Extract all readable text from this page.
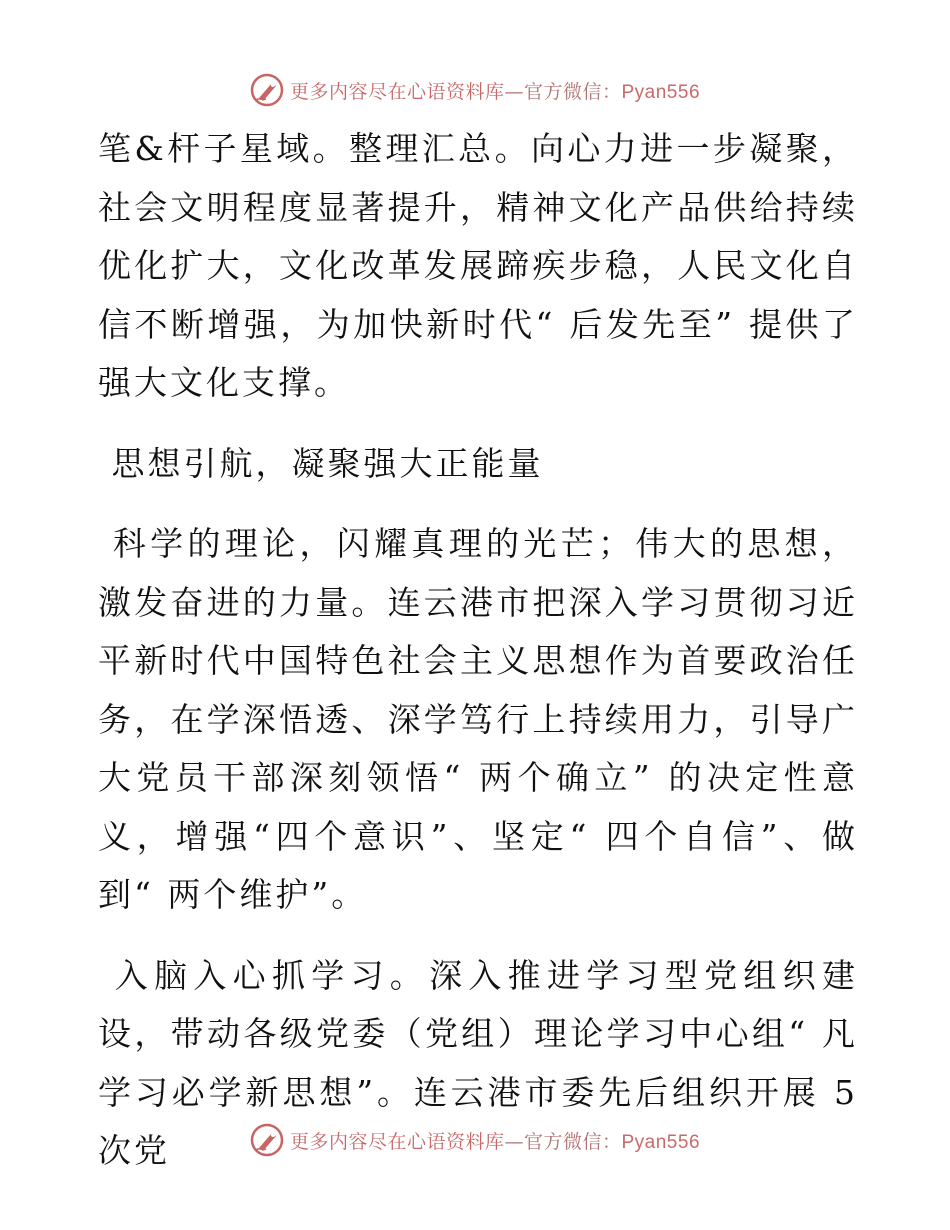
更多内容尽在心语资料库—官方微信：Pyan556

笔&杆子星域。整理汇总。向心力进一步凝聚，社会文明程度显著提升，精神文化产品供给持续优化扩大，文化改革发展蹄疾步稳，人民文化自信不断增强，为加快新时代“ 后发先至” 提供了强大文化支撑。

思想引航，凝聚强大正能量

科学的理论，闪耀真理的光芒；伟大的思想，激发奋进的力量。连云港市把深入学习贯彻习近平新时代中国特色社会主义思想作为首要政治任务，在学深悟透、深学笃行上持续用力，引导广大党员干部深刻领悟“ 两个确立” 的决定性意义，增强“四个意识”、坚定“ 四个自信”、做到“ 两个维护”。

入脑入心抓学习。深入推进学习型党组织建设，带动各级党委（党组）理论学习中心组“ 凡学习必学新思想”。连云港市委先后组织开展 5 次党	更多内容尽在心语资料库—官方微信：Pyan556
